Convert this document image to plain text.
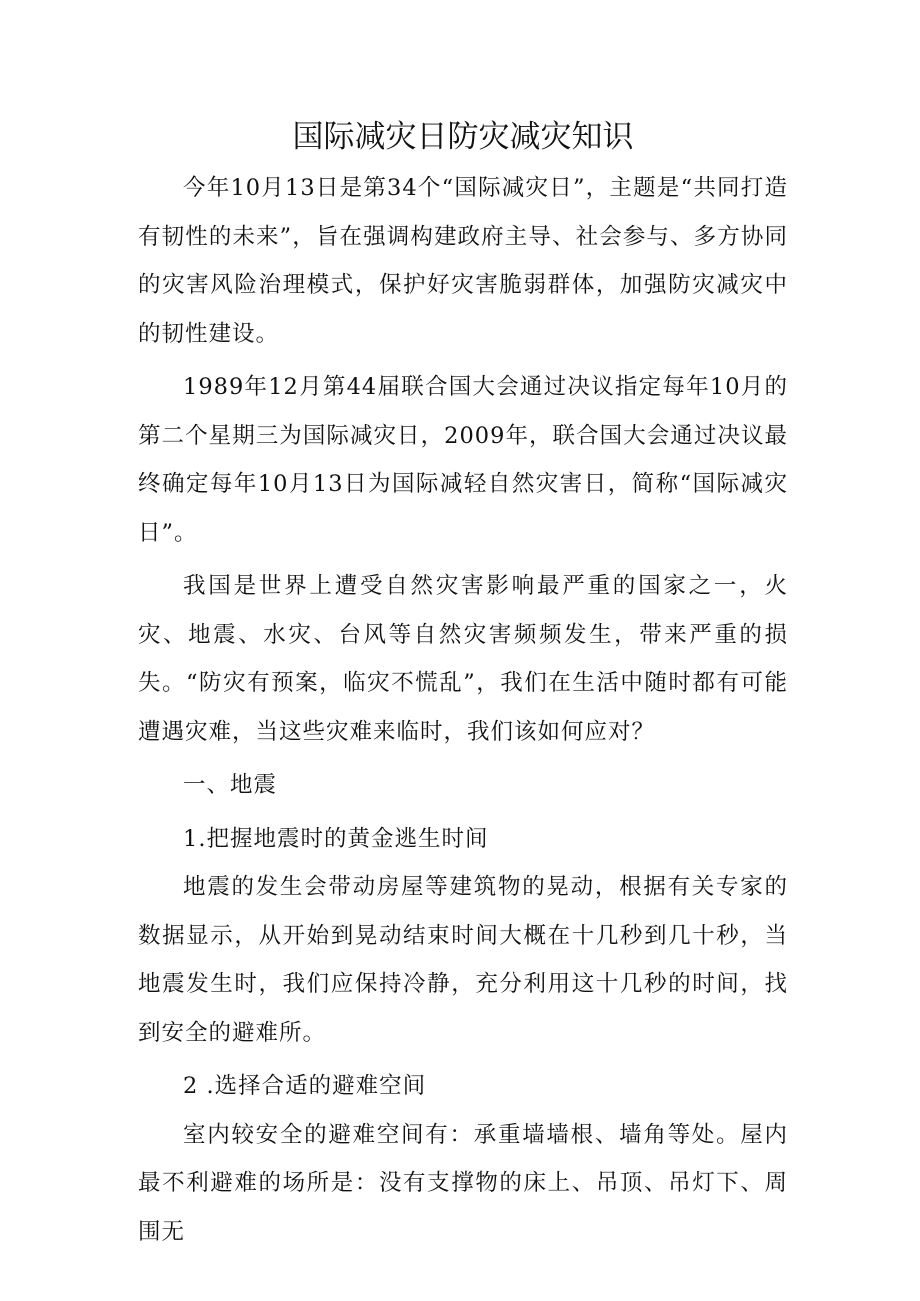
国际减灾日防灾减灾知识

今年10月13日是第34个“国际减灾日”，主题是“共同打造有韧性的未来”，旨在强调构建政府主导、社会参与、多方协同的灾害风险治理模式，保护好灾害脆弱群体，加强防灾减灾中的韧性建设。

1989年12月第44届联合国大会通过决议指定每年10月的第二个星期三为国际减灾日，2009年，联合国大会通过决议最终确定每年10月13日为国际减轻自然灾害日，简称“国际减灾日”。

我国是世界上遭受自然灾害影响最严重的国家之一，火灾、地震、水灾、台风等自然灾害频频发生，带来严重的损失。“防灾有预案，临灾不慌乱”，我们在生活中随时都有可能遭遇灾难，当这些灾难来临时，我们该如何应对？

一、地震

1.把握地震时的黄金逃生时间

地震的发生会带动房屋等建筑物的晃动，根据有关专家的数据显示，从开始到晃动结束时间大概在十几秒到几十秒，当地震发生时，我们应保持冷静，充分利用这十几秒的时间，找到安全的避难所。

2 .选择合适的避难空间

室内较安全的避难空间有：承重墙墙根、墙角等处。屋内最不利避难的场所是：没有支撑物的床上、吊顶、吊灯下、周围无
